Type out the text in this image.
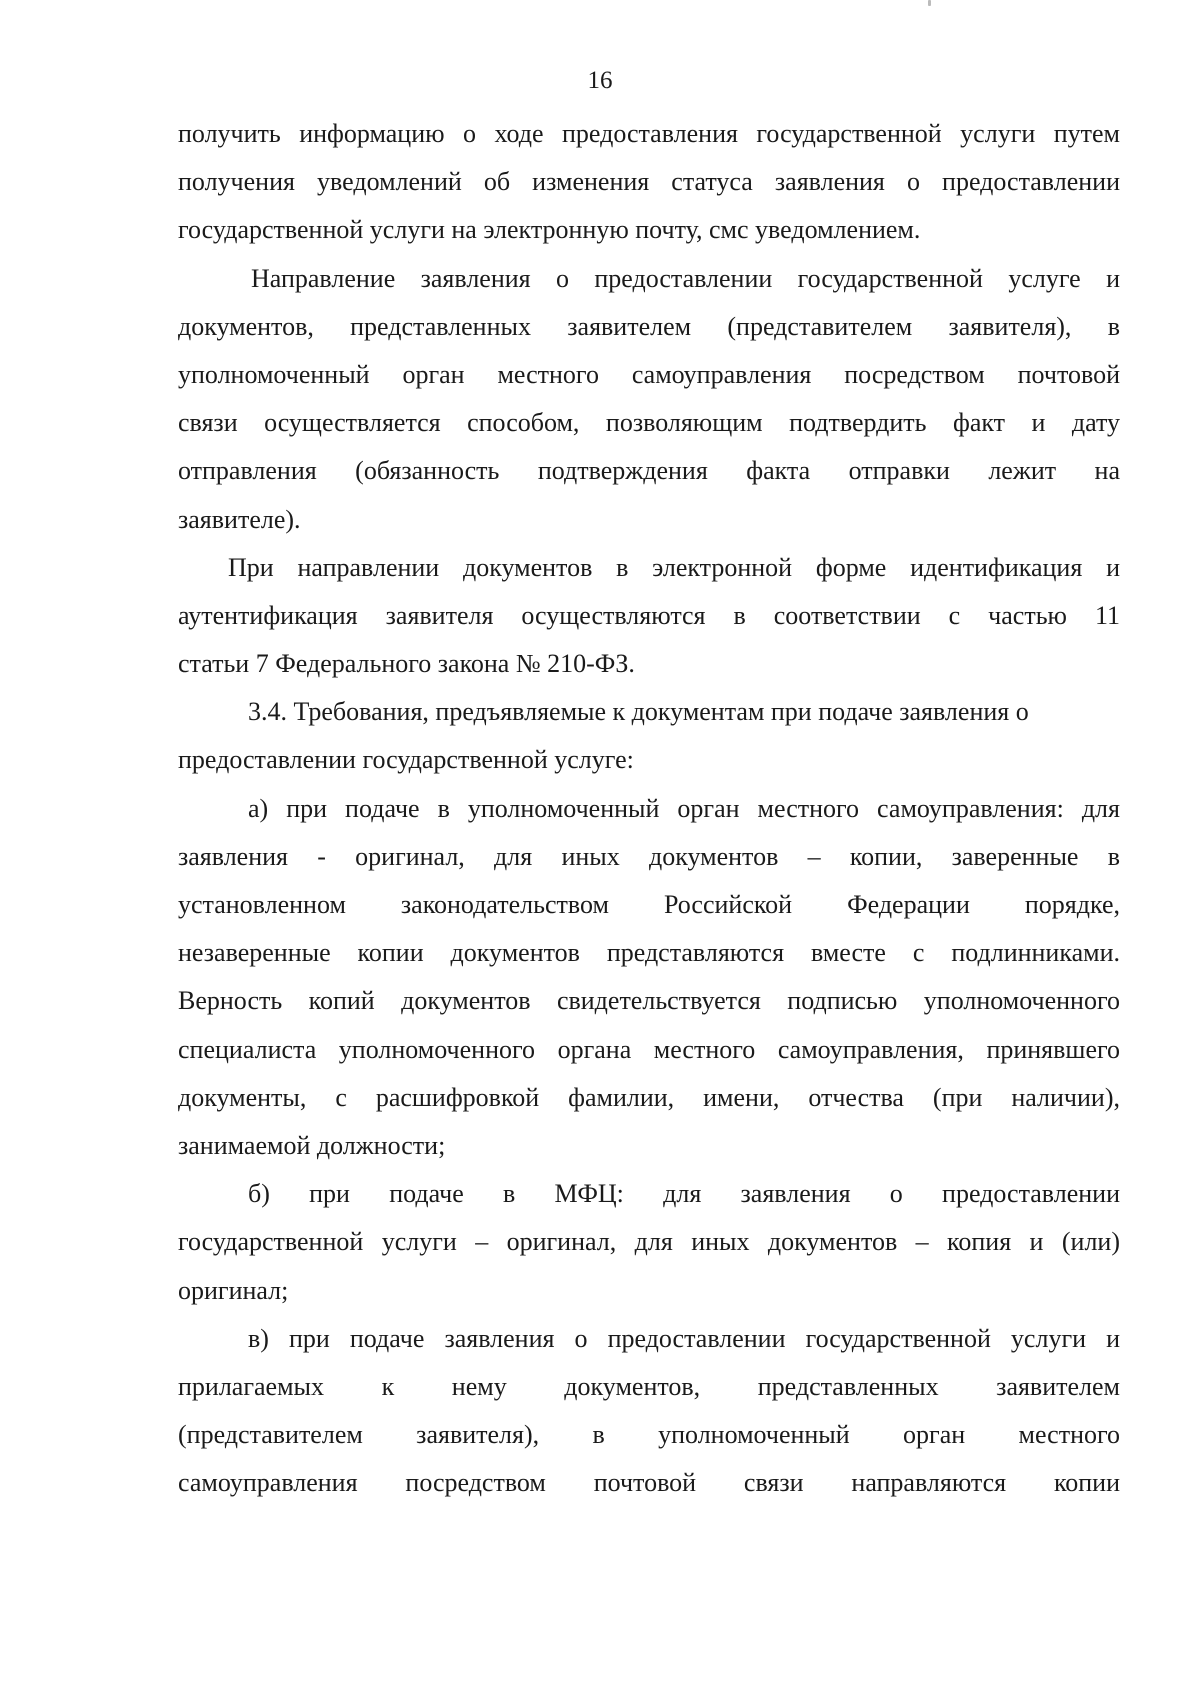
16
получить информацию о ходе предоставления государственной услуги путем
получения уведомлений об изменения статуса заявления о предоставлении
государственной услуги на электронную почту, смс уведомлением.
Направление заявления о предоставлении государственной услуге и
документов, представленных заявителем (представителем заявителя), в
уполномоченный орган местного самоуправления посредством почтовой
связи осуществляется способом, позволяющим подтвердить факт и дату
отправления (обязанность подтверждения факта отправки лежит на
заявителе).
При направлении документов в электронной форме идентификация и
аутентификация заявителя осуществляются в соответствии с частью 11
статьи 7 Федерального закона № 210-ФЗ.
3.4. Требования, предъявляемые к документам при подаче заявления о
предоставлении государственной услуге:
а) при подаче в уполномоченный орган местного самоуправления: для
заявления - оригинал, для иных документов – копии, заверенные в
установленном законодательством Российской Федерации порядке,
незаверенные копии документов представляются вместе с подлинниками.
Верность копий документов свидетельствуется подписью уполномоченного
специалиста уполномоченного органа местного самоуправления, принявшего
документы, с расшифровкой фамилии, имени, отчества (при наличии),
занимаемой должности;
б) при подаче в МФЦ: для заявления о предоставлении
государственной услуги – оригинал, для иных документов – копия и (или)
оригинал;
в) при подаче заявления о предоставлении государственной услуги и
прилагаемых к нему документов, представленных заявителем
(представителем заявителя), в уполномоченный орган местного
самоуправления посредством почтовой связи направляются копии
